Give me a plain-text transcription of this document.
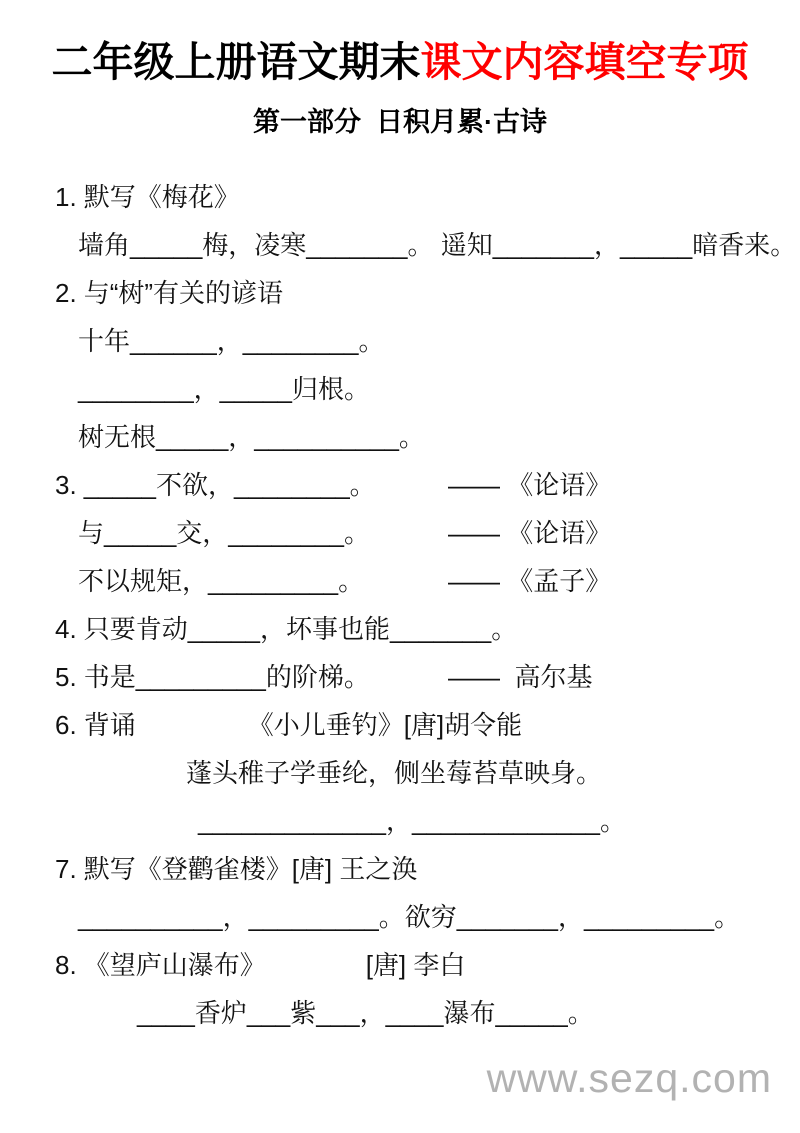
二年级上册语文期末课文内容填空专项
第一部分  日积月累·古诗
1. 默写《梅花》
墙角_____梅，凌寒_______。 遥知_______，_____暗香来。
2. 与“树”有关的谚语
十年______，________。
________，_____归根。
树无根_____，__________。
3. _____不欲，________。	—— 《论语》
与_____交，________。	—— 《论语》
不以规矩，_________。	—— 《孟子》
4. 只要肯动_____，坏事也能_______。
5. 书是_________的阶梯。	——  高尔基
6. 背诵	《小儿垂钓》[唐]胡令能
蓬头稚子学垂纶，侧坐莓苔草映身。
_____________，_____________。
7. 默写《登鹳雀楼》[唐] 王之涣
__________，_________。欲穷_______，_________。
8. 《望庐山瀑布》	[唐] 李白
____香炉___紫___，____瀑布_____。
www.sezq.com
